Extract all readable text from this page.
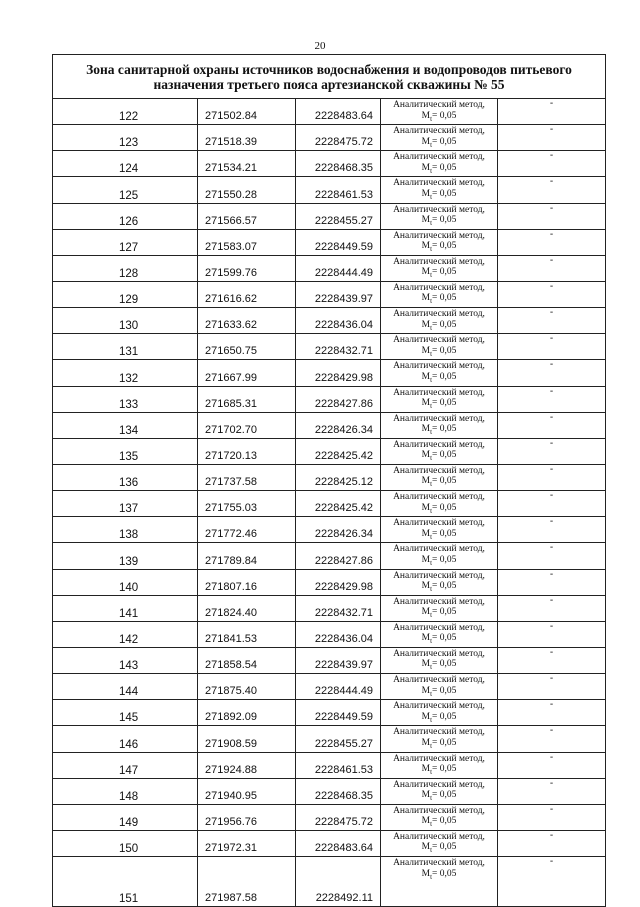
20
Зона санитарной охраны источников водоснабжения и водопроводов питьевого назначения третьего пояса артезианской скважины № 55				
122	271502.84	2228483.64	Аналитический метод,
$М_t= 0,05$	-
123	271518.39	2228475.72	Аналитический метод,
$М_t= 0,05$	-
124	271534.21	2228468.35	Аналитический метод,
$М_t= 0,05$	-
125	271550.28	2228461.53	Аналитический метод,
$М_t= 0,05$	-
126	271566.57	2228455.27	Аналитический метод,
$М_t= 0,05$	-
127	271583.07	2228449.59	Аналитический метод,
$М_t= 0,05$	-
128	271599.76	2228444.49	Аналитический метод,
$М_t= 0,05$	-
129	271616.62	2228439.97	Аналитический метод,
$М_t= 0,05$	-
130	271633.62	2228436.04	Аналитический метод,
$М_t= 0,05$	-
131	271650.75	2228432.71	Аналитический метод,
$М_t= 0,05$	-
132	271667.99	2228429.98	Аналитический метод,
$М_t= 0,05$	-
133	271685.31	2228427.86	Аналитический метод,
$М_t= 0,05$	-
134	271702.70	2228426.34	Аналитический метод,
$М_t= 0,05$	-
135	271720.13	2228425.42	Аналитический метод,
$М_t= 0,05$	-
136	271737.58	2228425.12	Аналитический метод,
$М_t= 0,05$	-
137	271755.03	2228425.42	Аналитический метод,
$М_t= 0,05$	-
138	271772.46	2228426.34	Аналитический метод,
$М_t= 0,05$	-
139	271789.84	2228427.86	Аналитический метод,
$М_t= 0,05$	-
140	271807.16	2228429.98	Аналитический метод,
$М_t= 0,05$	-
141	271824.40	2228432.71	Аналитический метод,
$М_t= 0,05$	-
142	271841.53	2228436.04	Аналитический метод,
$М_t= 0,05$	-
143	271858.54	2228439.97	Аналитический метод,
$М_t= 0,05$	-
144	271875.40	2228444.49	Аналитический метод,
$М_t= 0,05$	-
145	271892.09	2228449.59	Аналитический метод,
$М_t= 0,05$	-
146	271908.59	2228455.27	Аналитический метод,
$М_t= 0,05$	-
147	271924.88	2228461.53	Аналитический метод,
$М_t= 0,05$	-
148	271940.95	2228468.35	Аналитический метод,
$М_t= 0,05$	-
149	271956.76	2228475.72	Аналитический метод,
$М_t= 0,05$	-
150	271972.31	2228483.64	Аналитический метод,
$М_t= 0,05$	-
151	271987.58	2228492.11	Аналитический метод,
$М_t= 0,05$	-
